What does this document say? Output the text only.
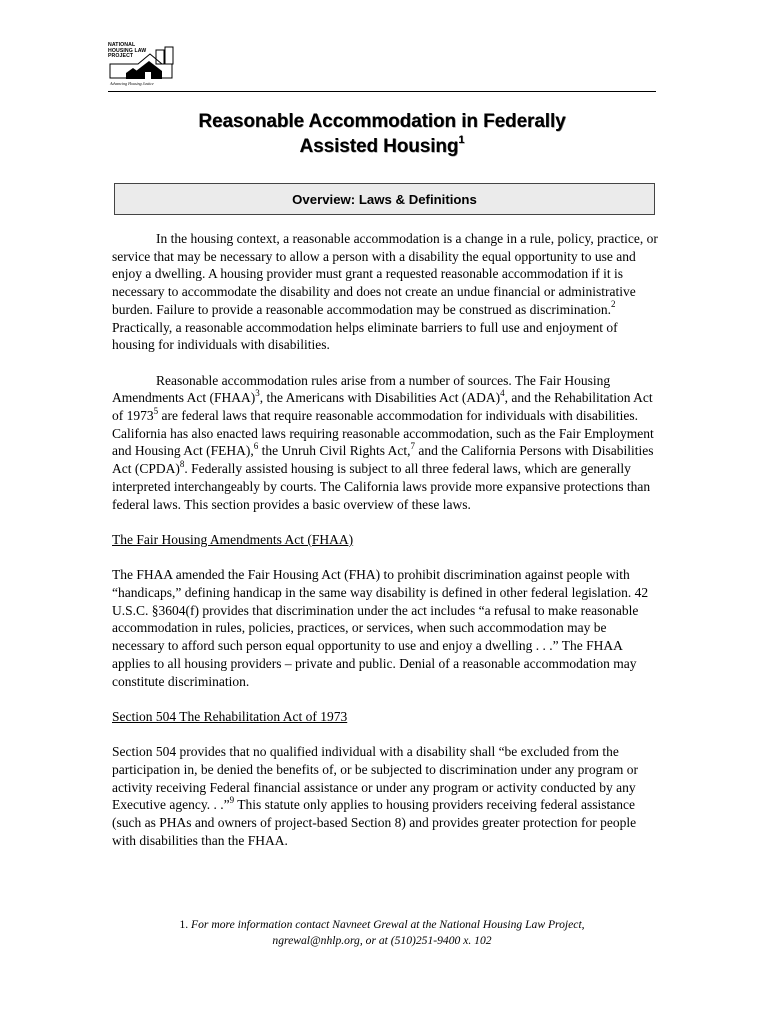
NATIONAL
HOUSING LAW
PROJECT
Advancing Housing Justice
Reasonable Accommodation in Federally
Assisted Housing$^1$
Overview: Laws & Definitions

In the housing context, a reasonable accommodation is a change in a rule, policy, practice, or service that may be necessary to allow a person with a disability the equal opportunity to use and enjoy a dwelling. A housing provider must grant a requested reasonable accommodation if it is necessary to accommodate the disability and does not create an undue financial or administrative burden. Failure to provide a reasonable accommodation may be construed as discrimination.$^2$ Practically, a reasonable accommodation helps eliminate barriers to full use and enjoyment of housing for individuals with disabilities.

Reasonable accommodation rules arise from a number of sources. The Fair Housing Amendments Act (FHAA)$^3$, the Americans with Disabilities Act (ADA)$^4$, and the Rehabilitation Act of 1973$^5$ are federal laws that require reasonable accommodation for individuals with disabilities. California has also enacted laws requiring reasonable accommodation, such as the Fair Employment and Housing Act (FEHA),$^6$ the Unruh Civil Rights Act,$^7$ and the California Persons with Disabilities Act (CPDA)$^8$. Federally assisted housing is subject to all three federal laws, which are generally interpreted interchangeably by courts. The California laws provide more expansive protections than federal laws. This section provides a basic overview of these laws.

The Fair Housing Amendments Act (FHAA)

The FHAA amended the Fair Housing Act (FHA) to prohibit discrimination against people with “handicaps,” defining handicap in the same way disability is defined in other federal legislation. 42 U.S.C. §3604(f) provides that discrimination under the act includes “a refusal to make reasonable accommodation in rules, policies, practices, or services, when such accommodation may be necessary to afford such person equal opportunity to use and enjoy a dwelling . . .” The FHAA applies to all housing providers – private and public. Denial of a reasonable accommodation may constitute discrimination.

Section 504 The Rehabilitation Act of 1973

Section 504 provides that no qualified individual with a disability shall “be excluded from the participation in, be denied the benefits of, or be subjected to discrimination under any program or activity receiving Federal financial assistance or under any program or activity conducted by any Executive agency. . .”$^9$ This statute only applies to housing providers receiving federal assistance (such as PHAs and owners of project-based Section 8) and provides greater protection for people with disabilities than the FHAA.

1. For more information contact Navneet Grewal at the National Housing Law Project,
ngrewal@nhlp.org, or at (510)251-9400 x. 102
